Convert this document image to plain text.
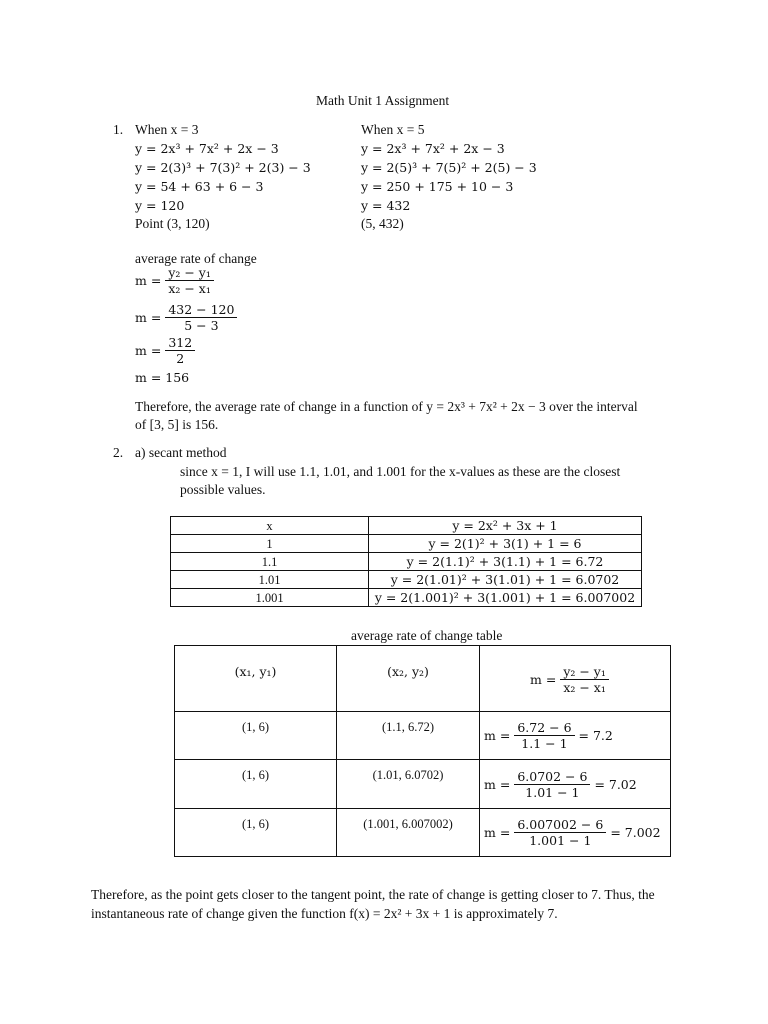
Math Unit 1 Assignment
1. When x = 3
y = 2x³ + 7x² + 2x − 3
y = 2(3)³ + 7(3)² + 2(3) − 3
y = 54 + 63 + 6 − 3
y = 120
Point (3, 120)
When x = 5
y = 2x³ + 7x² + 2x − 3
y = 2(5)³ + 7(5)² + 2(5) − 3
y = 250 + 175 + 10 − 3
y = 432
(5, 432)
average rate of change
$m = \frac{\text{y₂ − y₁}}{\text{x₂ − x₁}}$
$m = \frac{432 - 120}{5 - 3}$
$m = \frac{312}{2}$
m = 156
Therefore, the average rate of change in a function of y = 2x³ + 7x² + 2x − 3 over the interval
of [3, 5] is 156.
2. a) secant method
since x = 1, I will use 1.1, 1.01, and 1.001 for the x-values as these are the closest
possible values.
x	y = 2x² + 3x + 1
1	y = 2(1)² + 3(1) + 1 = 6
1.1	y = 2(1.1)² + 3(1.1) + 1 = 6.72
1.01	y = 2(1.01)² + 3(1.01) + 1 = 6.0702
1.001	y = 2(1.001)² + 3(1.001) + 1 = 6.007002
average rate of change table
(x₁, y₁)	(x₂, y₂)	$m = \frac{\text{y₂ − y₁}}{\text{x₂ − x₁}}$

(1, 6)	(1.1, 6.72)	$m = \frac{6.72 - 6}{1.1 - 1} = 7.2$

(1, 6)	(1.01, 6.0702)	$m = \frac{6.0702 - 6}{1.01 - 1} = 7.02$

(1, 6)	(1.001, 6.007002)	$m = \frac{6.007002 - 6}{1.001 - 1} = 7.002$
Therefore, as the point gets closer to the tangent point, the rate of change is getting closer to 7. Thus, the
instantaneous rate of change given the function f(x) = 2x² + 3x + 1 is approximately 7.
